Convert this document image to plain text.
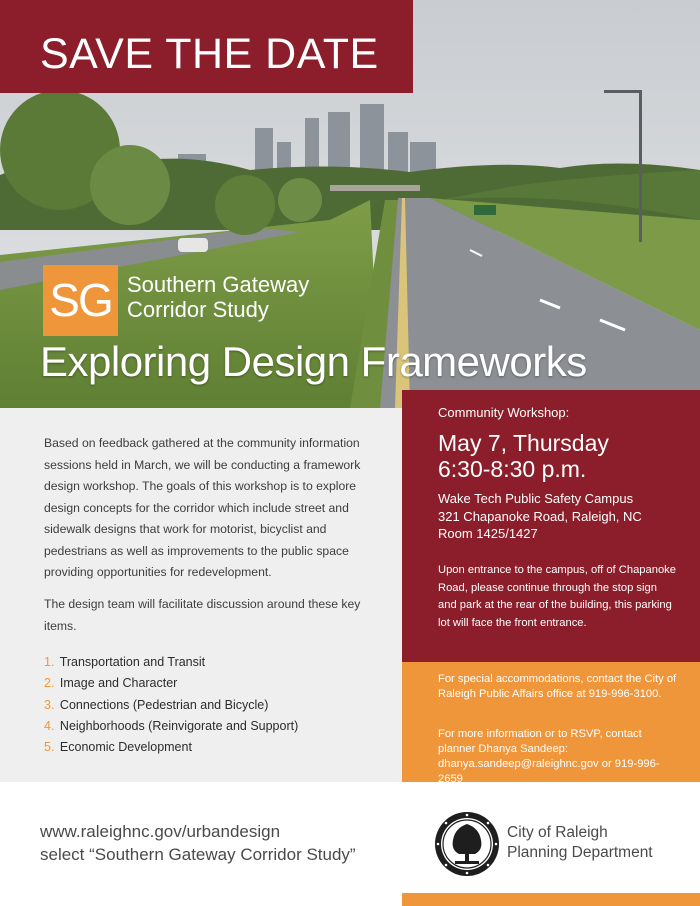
SAVE THE DATE
SG Southern Gateway
Corridor Study
Exploring Design Frameworks
Based on feedback gathered at the community information sessions held in March, we will be conducting a framework design workshop. The goals of this workshop is to explore design concepts for the corridor which include street and sidewalk designs that work for motorist, bicyclist and pedestrians as well as improvements to the public space providing opportunities for redevelopment.
The design team will facilitate discussion around these key items.
1. Transportation and Transit
2. Image and Character
3. Connections (Pedestrian and Bicycle)
4. Neighborhoods (Reinvigorate and Support)
5. Economic Development
Community Workshop:
May 7, Thursday
6:30-8:30 p.m.
Wake Tech Public Safety Campus
321 Chapanoke Road, Raleigh, NC
Room 1425/1427
Upon entrance to the campus, off of Chapanoke Road, please continue through the stop sign and park at the rear of the building, this parking lot will face the front entrance.
For special accommodations, contact the City of Raleigh Public Affairs office at 919-996-3100.
For more information or to RSVP, contact planner Dhanya Sandeep: dhanya.sandeep@raleighnc.gov or 919-996-2659
www.raleighnc.gov/urbandesign
select “Southern Gateway Corridor Study”
City of Raleigh
Planning Department
